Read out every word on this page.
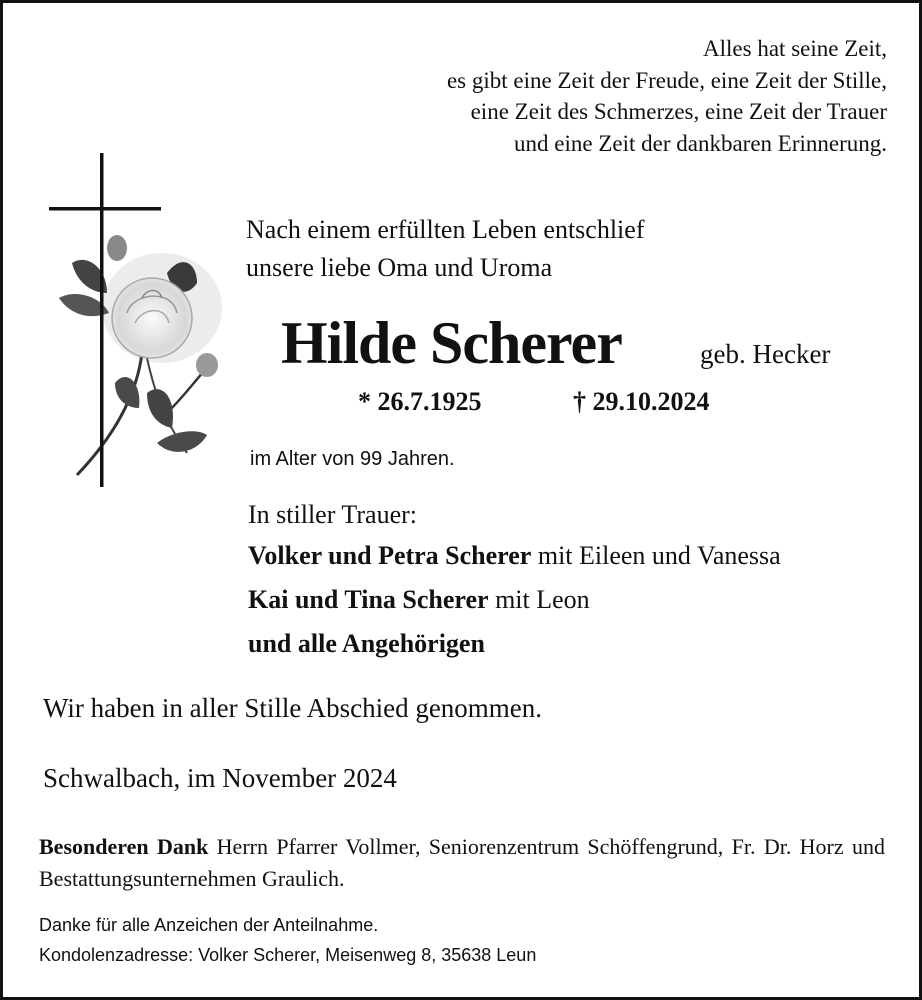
Alles hat seine Zeit,
es gibt eine Zeit der Freude, eine Zeit der Stille,
eine Zeit des Schmerzes, eine Zeit der Trauer
und eine Zeit der dankbaren Erinnerung.
Nach einem erfüllten Leben entschlief
unsere liebe Oma und Uroma
Hilde Scherer	geb. Hecker
* 26.7.1925	† 29.10.2024
im Alter von 99 Jahren.
In stiller Trauer:
Volker und Petra Scherer mit Eileen und Vanessa
Kai und Tina Scherer mit Leon
und alle Angehörigen
Wir haben in aller Stille Abschied genommen.
Schwalbach, im November 2024
Besonderen Dank Herrn Pfarrer Vollmer, Seniorenzentrum Schöffengrund, Fr. Dr. Horz und Bestattungsunternehmen Graulich.
Danke für alle Anzeichen der Anteilnahme.
Kondolenzadresse: Volker Scherer, Meisenweg 8, 35638 Leun
